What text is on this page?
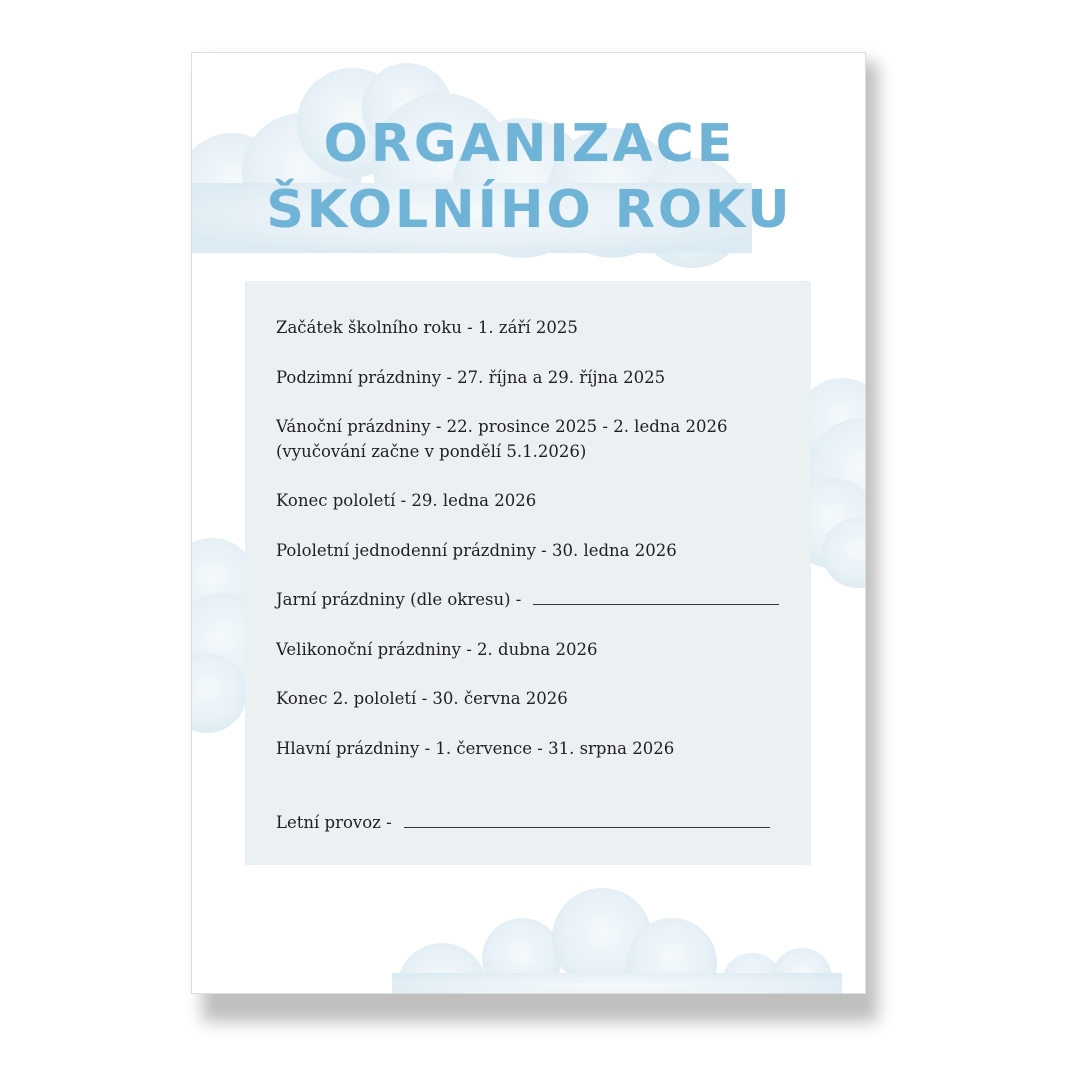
ORGANIZACE
ŠKOLNÍHO ROKU
Začátek školního roku - 1. září 2025
Podzimní prázdniny - 27. října a 29. října 2025
Vánoční prázdniny - 22. prosince 2025 - 2. ledna 2026
(vyučování začne v pondělí 5.1.2026)
Konec pololetí - 29. ledna 2026
Pololetní jednodenní prázdniny - 30. ledna 2026
Jarní prázdniny (dle okresu) -
Velikonoční prázdniny - 2. dubna 2026
Konec 2. pololetí - 30. června 2026
Hlavní prázdniny - 1. července - 31. srpna 2026
Letní provoz -
